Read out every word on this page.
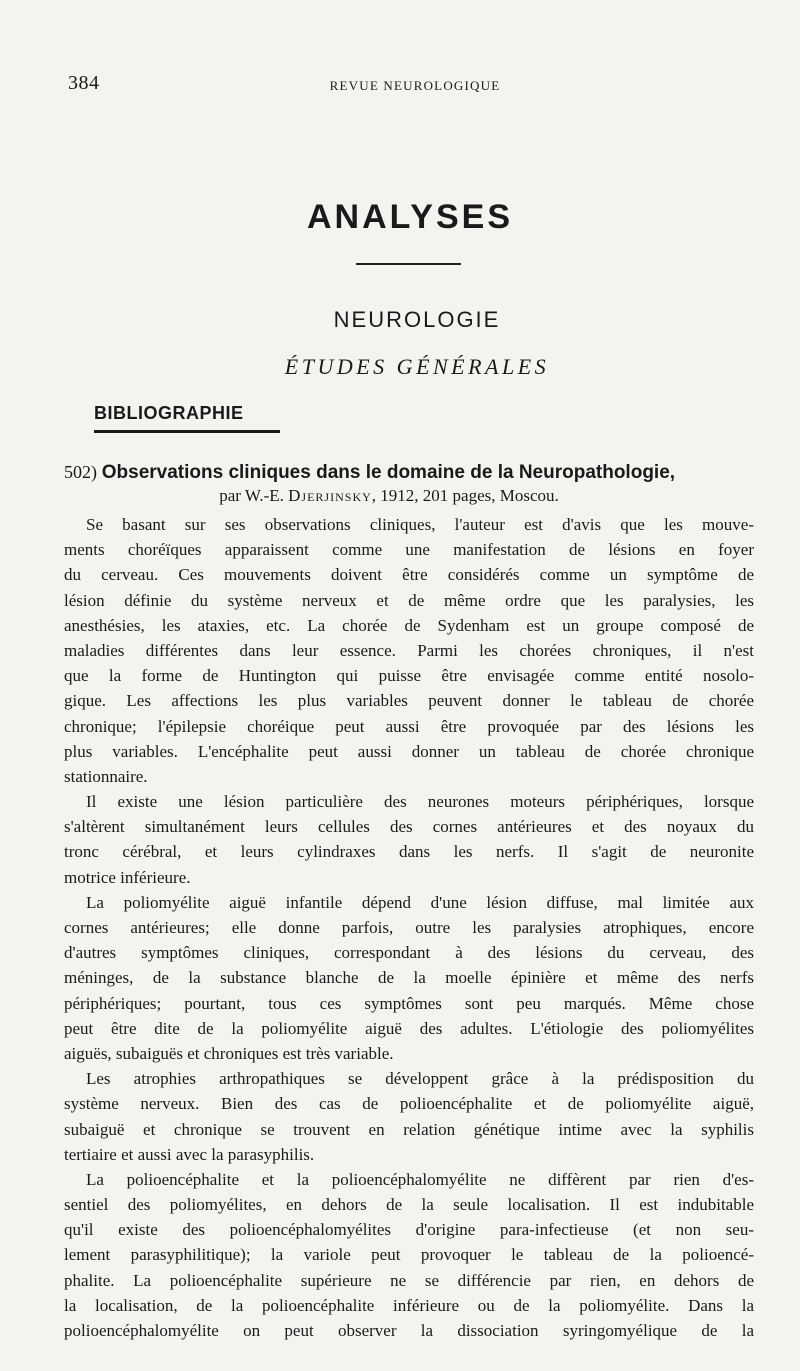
384	REVUE NEUROLOGIQUE
ANALYSES
NEUROLOGIE
ÉTUDES GÉNÉRALES
BIBLIOGRAPHIE
502) Observations cliniques dans le domaine de la Neuropathologie,
par W.-E. Djerjinsky, 1912, 201 pages, Moscou.
Se basant sur ses observations cliniques, l'auteur est d'avis que les mouve-
ments choréïques apparaissent comme une manifestation de lésions en foyer
du cerveau. Ces mouvements doivent être considérés comme un symptôme de
lésion définie du système nerveux et de même ordre que les paralysies, les
anesthésies, les ataxies, etc. La chorée de Sydenham est un groupe composé de
maladies différentes dans leur essence. Parmi les chorées chroniques, il n'est
que la forme de Huntington qui puisse être envisagée comme entité nosolo-
gique. Les affections les plus variables peuvent donner le tableau de chorée
chronique; l'épilepsie choréique peut aussi être provoquée par des lésions les
plus variables. L'encéphalite peut aussi donner un tableau de chorée chronique
stationnaire.
Il existe une lésion particulière des neurones moteurs périphériques, lorsque
s'altèrent simultanément leurs cellules des cornes antérieures et des noyaux du
tronc cérébral, et leurs cylindraxes dans les nerfs. Il s'agit de neuronite
motrice inférieure.
La poliomyélite aiguë infantile dépend d'une lésion diffuse, mal limitée aux
cornes antérieures; elle donne parfois, outre les paralysies atrophiques, encore
d'autres symptômes cliniques, correspondant à des lésions du cerveau, des
méninges, de la substance blanche de la moelle épinière et même des nerfs
périphériques; pourtant, tous ces symptômes sont peu marqués. Même chose
peut être dite de la poliomyélite aiguë des adultes. L'étiologie des poliomyélites
aiguës, subaiguës et chroniques est très variable.
Les atrophies arthropathiques se développent grâce à la prédisposition du
système nerveux. Bien des cas de polioencéphalite et de poliomyélite aiguë,
subaiguë et chronique se trouvent en relation génétique intime avec la syphilis
tertiaire et aussi avec la parasyphilis.
La polioencéphalite et la polioencéphalomyélite ne diffèrent par rien d'es-
sentiel des poliomyélites, en dehors de la seule localisation. Il est indubitable
qu'il existe des polioencéphalomyélites d'origine para-infectieuse (et non seu-
lement parasyphilitique); la variole peut provoquer le tableau de la polioencé-
phalite. La polioencéphalite supérieure ne se différencie par rien, en dehors de
la localisation, de la polioencéphalite inférieure ou de la poliomyélite. Dans la
polioencéphalomyélite on peut observer la dissociation syringomyélique de la
